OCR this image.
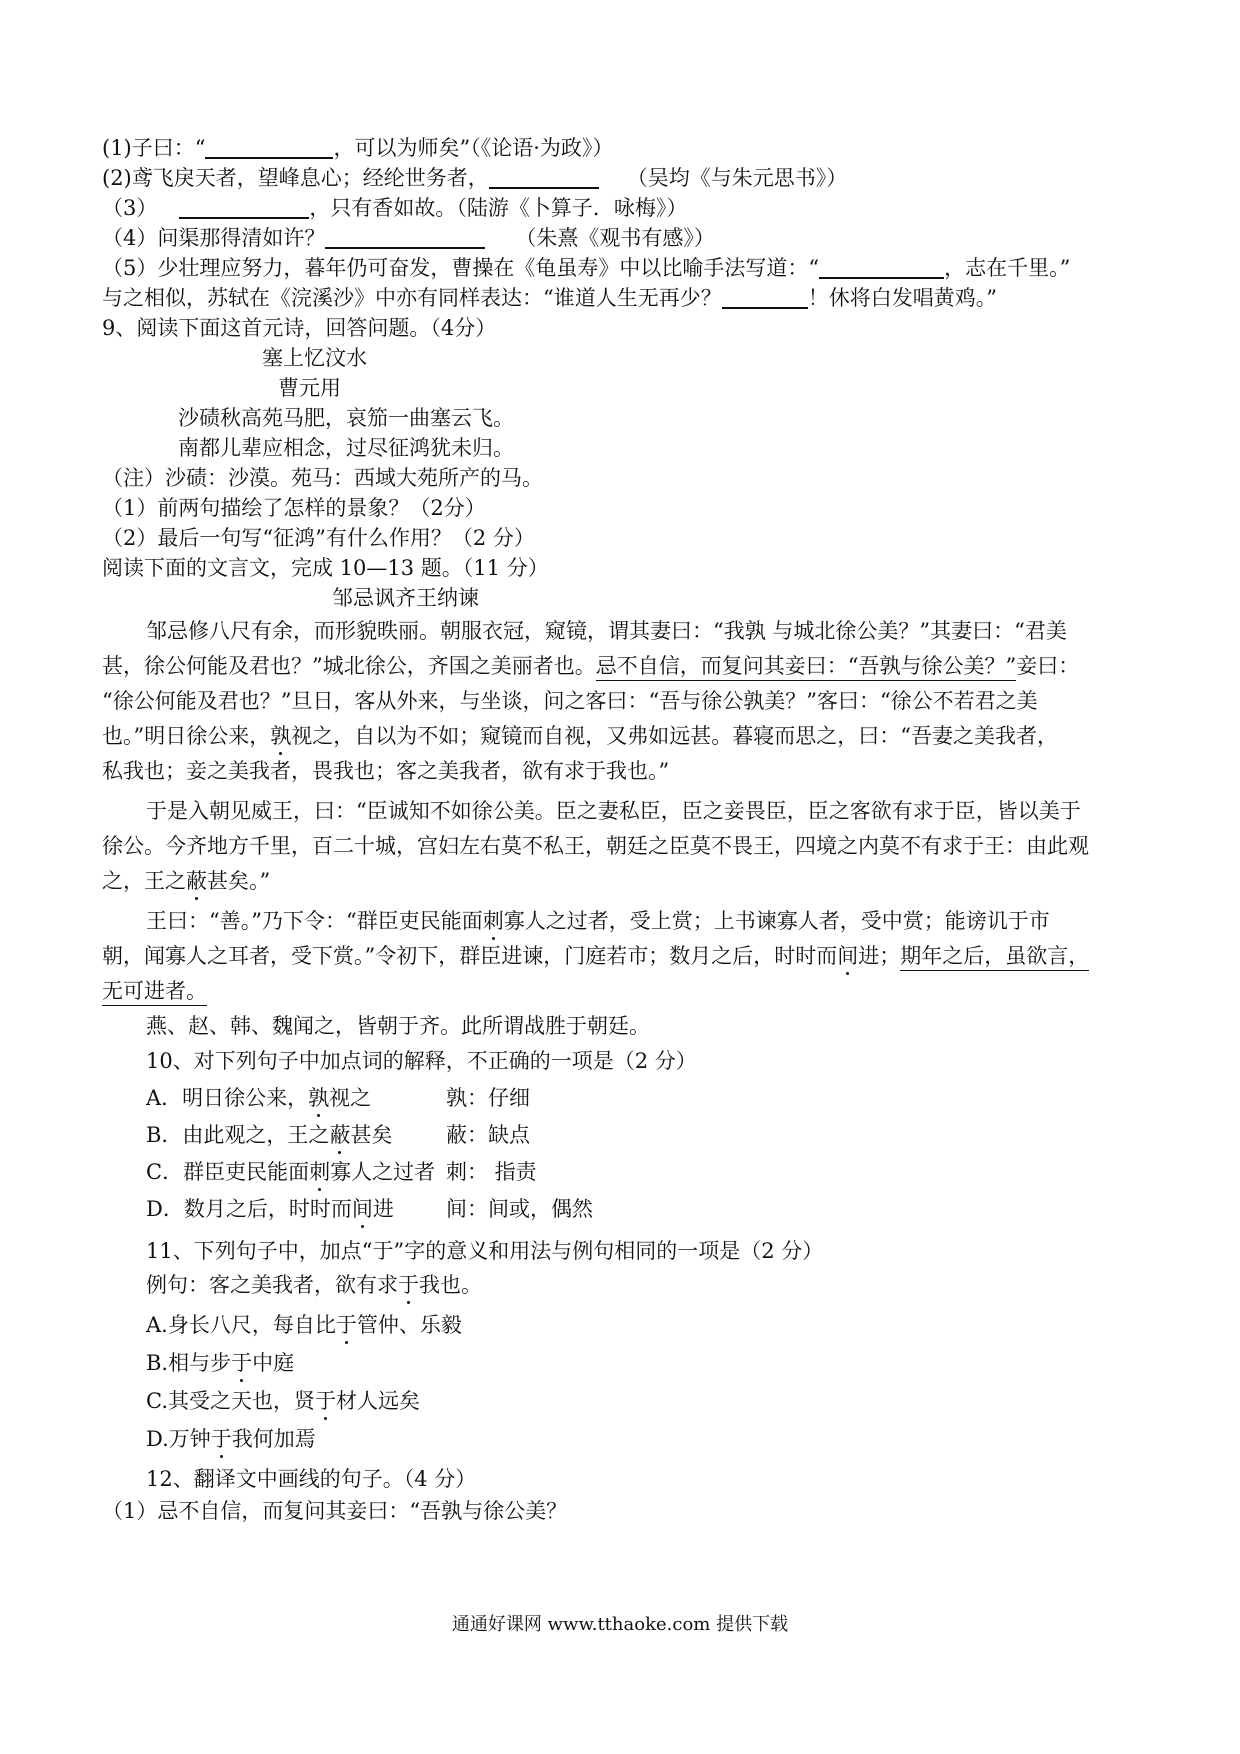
(1)子曰：“	，可以为师矣”（《论语·为政》）
(2)鸢飞戾天者，望峰息心；经纶世务者，	（吴均《与朱元思书》）
（3）	，只有香如故。（陆游《卜算子．咏梅》）
（4）问渠那得清如许？	（朱熹《观书有感》）
（5）少壮理应努力，暮年仍可奋发，曹操在《龟虽寿》中以比喻手法写道：“	，志在千里。”
与之相似，苏轼在《浣溪沙》中亦有同样表达：“谁道人生无再少？	！休将白发唱黄鸡。”
9、阅读下面这首元诗，回答问题。（4分）
塞上忆汶水
曹元用
沙碛秋高苑马肥，哀笳一曲塞云飞。
南都儿辈应相念，过尽征鸿犹未归。
（注）沙碛：沙漠。苑马：西域大苑所产的马。
（1）前两句描绘了怎样的景象？（2分）
（2）最后一句写“征鸿”有什么作用？（2 分）
阅读下面的文言文，完成 10—13 题。（11 分）
邹忌讽齐王纳谏
邹忌修八尺有余，而形貌昳丽。朝服衣冠，窥镜，谓其妻曰：“我孰 与城北徐公美？”其妻曰：“君美
甚，徐公何能及君也？”城北徐公，齐国之美丽者也。忌不自信，而复问其妾曰：“吾孰与徐公美？”妾曰：
“徐公何能及君也？”旦日，客从外来，与坐谈，问之客曰：“吾与徐公孰美？”客曰：“徐公不若君之美
也。”明日徐公来，孰视之，自以为不如；窥镜而自视，又弗如远甚。暮寝而思之，曰：“吾妻之美我者，
私我也；妾之美我者，畏我也；客之美我者，欲有求于我也。”
于是入朝见威王，曰：“臣诚知不如徐公美。臣之妻私臣，臣之妾畏臣，臣之客欲有求于臣，皆以美于
徐公。今齐地方千里，百二十城，宫妇左右莫不私王，朝廷之臣莫不畏王，四境之内莫不有求于王：由此观
之，王之蔽甚矣。”
王曰：“善。”乃下令：“群臣吏民能面刺寡人之过者，受上赏；上书谏寡人者，受中赏；能谤讥于市
朝，闻寡人之耳者，受下赏。”令初下，群臣进谏，门庭若市；数月之后，时时而间进；期年之后，虽欲言，
无可进者。
燕、赵、韩、魏闻之，皆朝于齐。此所谓战胜于朝廷。
10、对下列句子中加点词的解释，不正确的一项是（2 分）
A．明日徐公来，孰视之	孰：仔细
B．由此观之，王之蔽甚矣	蔽：缺点
C．群臣吏民能面刺寡人之过者 刺： 指责
D．数月之后，时时而间进 间：间或，偶然
11、下列句子中，加点“于”字的意义和用法与例句相同的一项是（2 分）
例句：客之美我者，欲有求于我也。
A.身长八尺，每自比于管仲、乐毅
B.相与步于中庭
C.其受之天也，贤于材人远矣
D.万钟于我何加焉
12、翻译文中画线的句子。（4 分）
（1）忌不自信，而复问其妾曰：“吾孰与徐公美？
通通好课网 www.tthaoke.com 提供下载
